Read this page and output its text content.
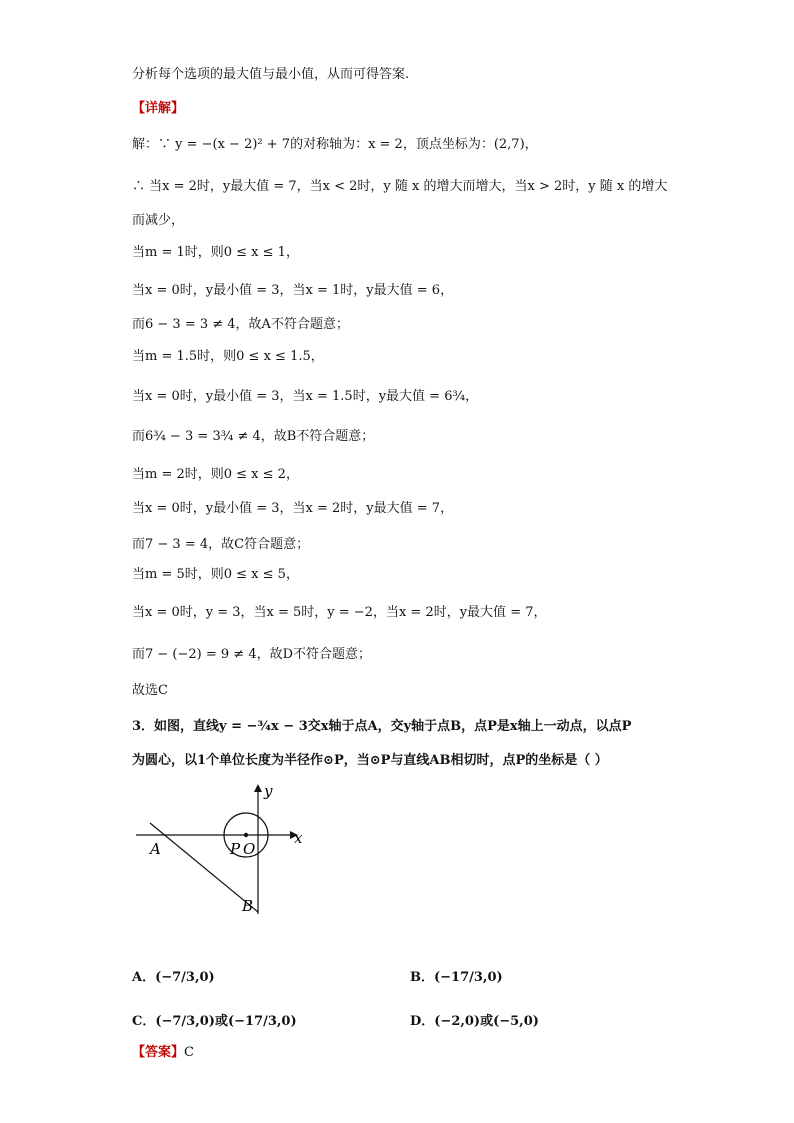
分析每个选项的最大值与最小值，从而可得答案.
【详解】
解：∵ y = −(x − 2)² + 7的对称轴为：x = 2，顶点坐标为：(2,7)，
∴ 当x = 2时，y最大值 = 7，当x < 2时，y 随 x 的增大而增大，当x > 2时，y 随 x 的增大
而减少，
当m = 1时，则0 ≤ x ≤ 1，
当x = 0时，y最小值 = 3，当x = 1时，y最大值 = 6，
而6 − 3 = 3 ≠ 4，故A不符合题意；
当m = 1.5时，则0 ≤ x ≤ 1.5，
当x = 0时，y最小值 = 3，当x = 1.5时，y最大值 = 6¾，
而6¾ − 3 = 3¾ ≠ 4，故B不符合题意；
当m = 2时，则0 ≤ x ≤ 2，
当x = 0时，y最小值 = 3，当x = 2时，y最大值 = 7，
而7 − 3 = 4，故C符合题意；
当m = 5时，则0 ≤ x ≤ 5，
当x = 0时，y = 3，当x = 5时，y = −2，当x = 2时，y最大值 = 7，
而7 − (−2) = 9 ≠ 4，故D不符合题意；
故选C
3．如图，直线y = −¾x − 3交x轴于点A，交y轴于点B，点P是x轴上一动点，以点P
为圆心，以1个单位长度为半径作⊙P，当⊙P与直线AB相切时，点P的坐标是（ ）
x
y
A
B
P O
A．(−7/3,0)	B．(−17/3,0)
C．(−7/3,0)或(−17/3,0)	D．(−2,0)或(−5,0)
【答案】C
